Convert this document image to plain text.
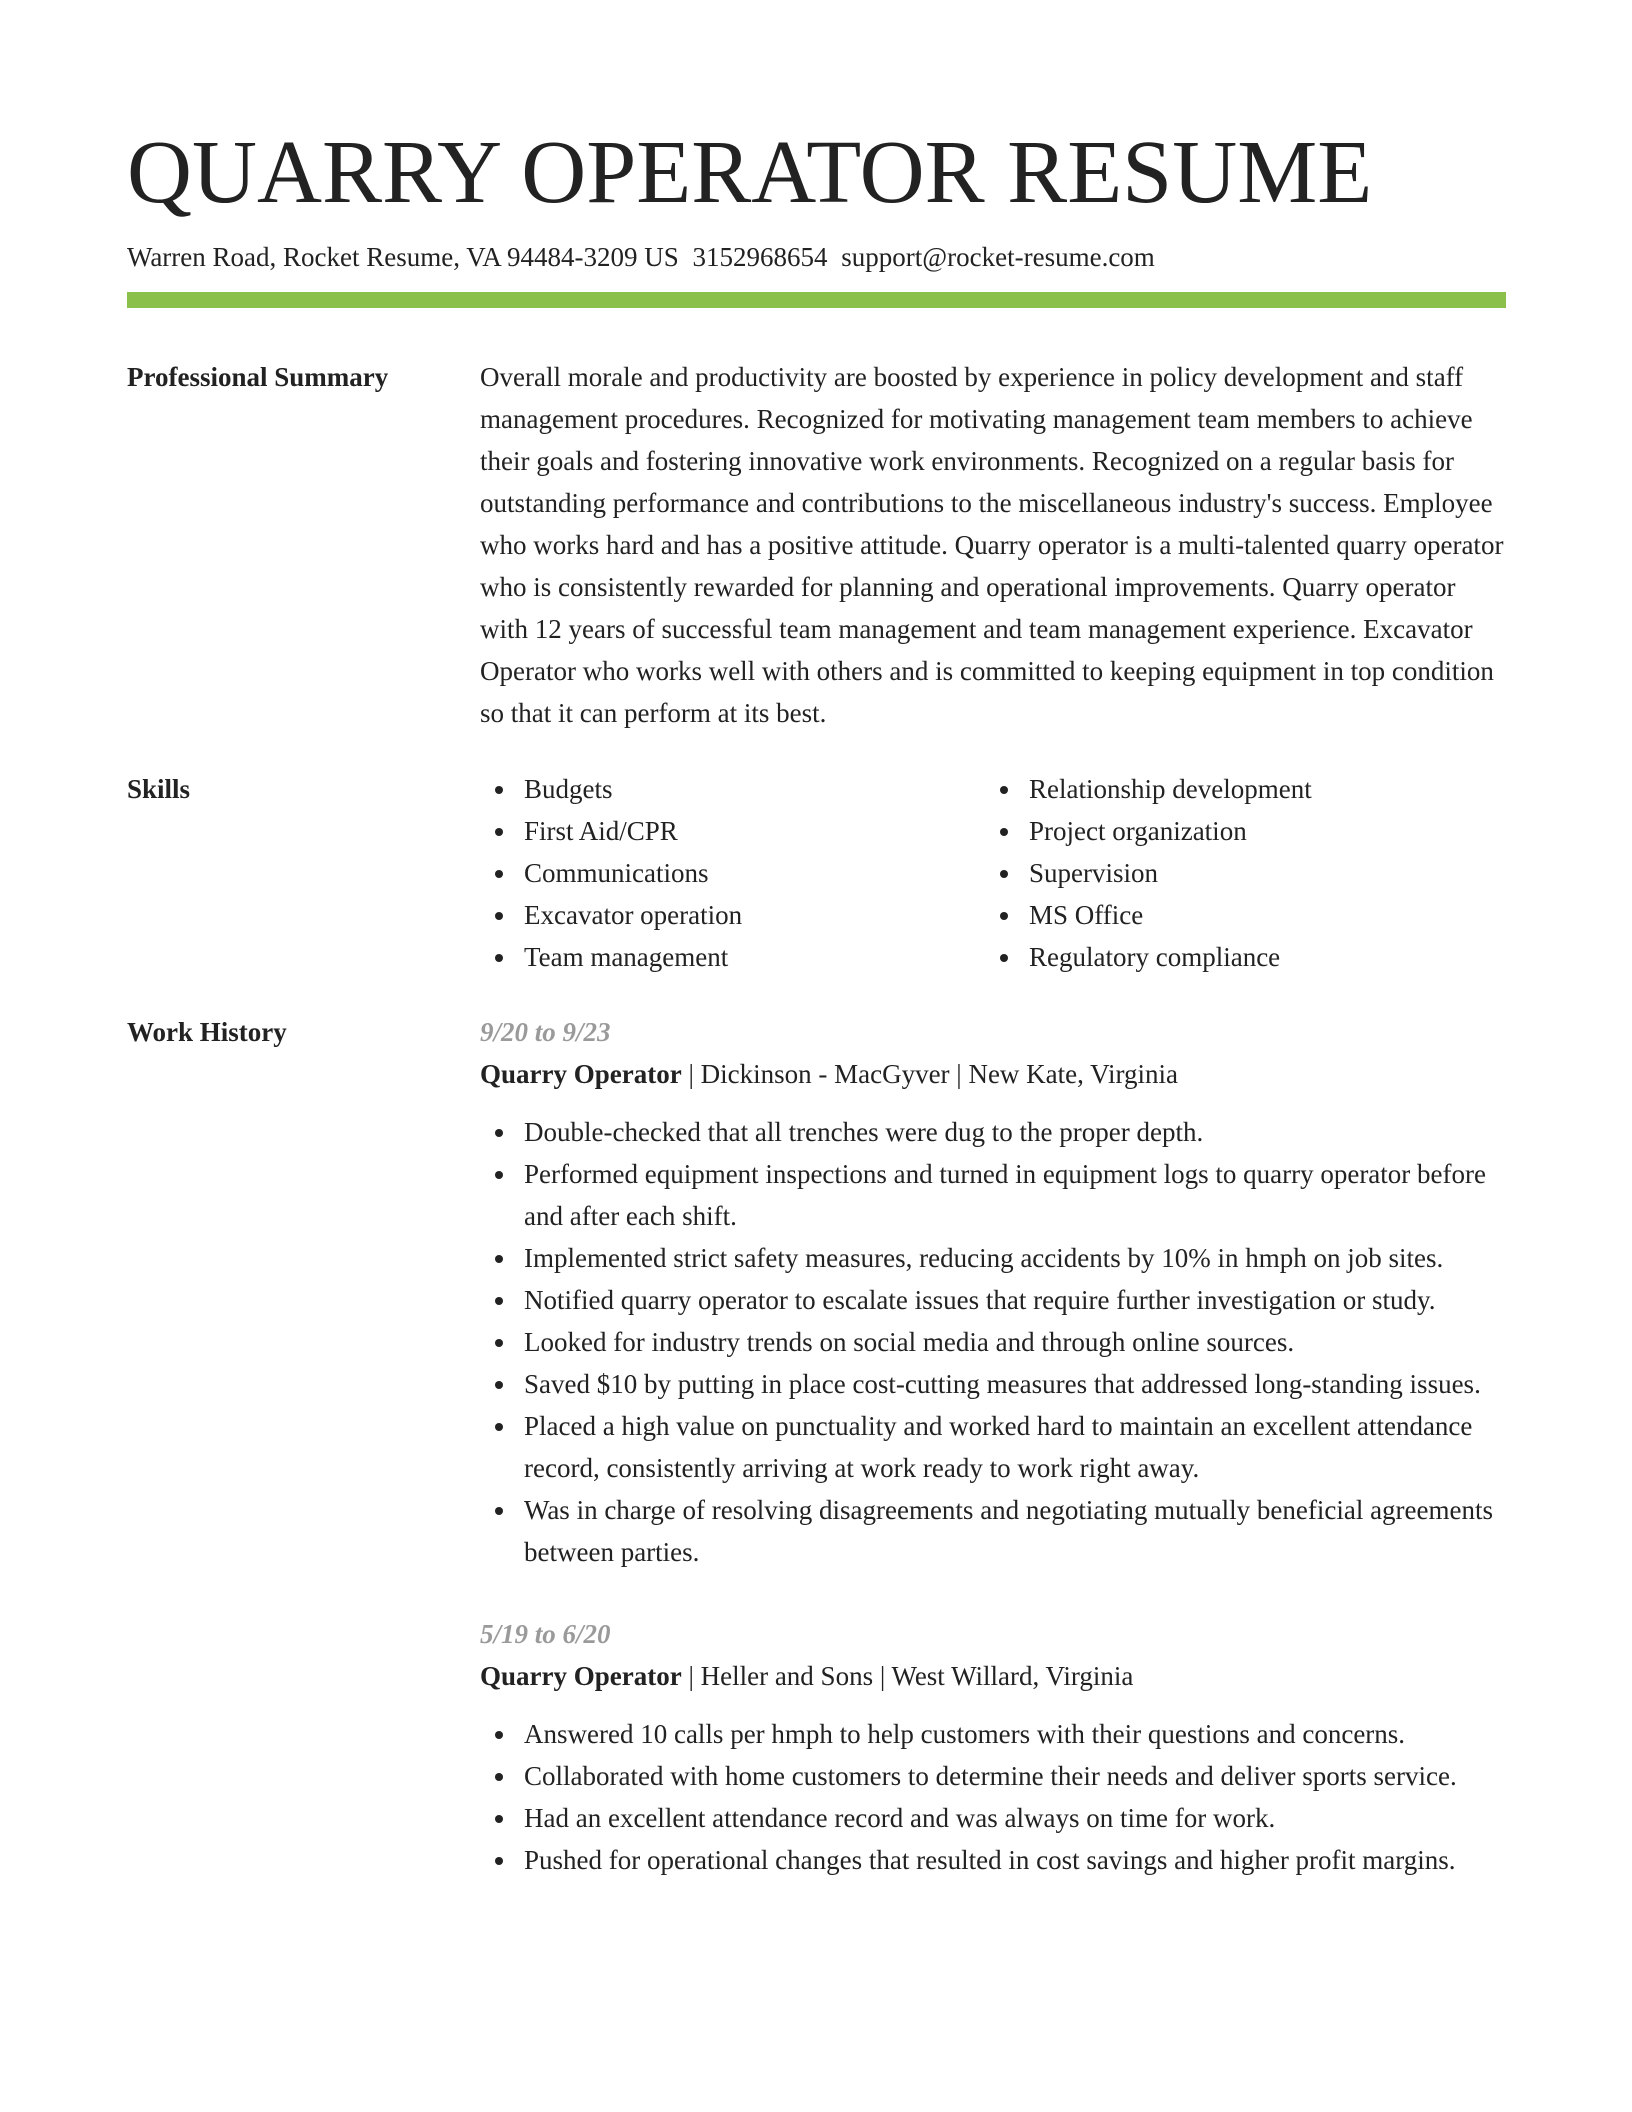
QUARRY OPERATOR RESUME
Warren Road, Rocket Resume, VA 94484-3209 US 3152968654 support@rocket-resume.com
Professional Summary	Overall morale and productivity are boosted by experience in policy development and staff management procedures. Recognized for motivating management team members to achieve their goals and fostering innovative work environments. Recognized on a regular basis for outstanding performance and contributions to the miscellaneous industry's success. Employee who works hard and has a positive attitude. Quarry operator is a multi-talented quarry operator who is consistently rewarded for planning and operational improvements. Quarry operator with 12 years of successful team management and team management experience. Excavator Operator who works well with others and is committed to keeping equipment in top condition so that it can perform at its best.

Skills	Budgets
First Aid/CPR
Communications
Excavator operation
Team management
Relationship development
Project organization
Supervision
MS Office
Regulatory compliance
Work History	9/20 to 9/23
Quarry Operator | Dickinson - MacGyver | New Kate, Virginia
Double-checked that all trenches were dug to the proper depth.
Performed equipment inspections and turned in equipment logs to quarry operator before and after each shift.
Implemented strict safety measures, reducing accidents by 10% in hmph on job sites.
Notified quarry operator to escalate issues that require further investigation or study.
Looked for industry trends on social media and through online sources.
Saved $10 by putting in place cost-cutting measures that addressed long-standing issues.
Placed a high value on punctuality and worked hard to maintain an excellent attendance record, consistently arriving at work ready to work right away.
Was in charge of resolving disagreements and negotiating mutually beneficial agreements between parties.
5/19 to 6/20
Quarry Operator | Heller and Sons | West Willard, Virginia
Answered 10 calls per hmph to help customers with their questions and concerns.
Collaborated with home customers to determine their needs and deliver sports service.
Had an excellent attendance record and was always on time for work.
Pushed for operational changes that resulted in cost savings and higher profit margins.
